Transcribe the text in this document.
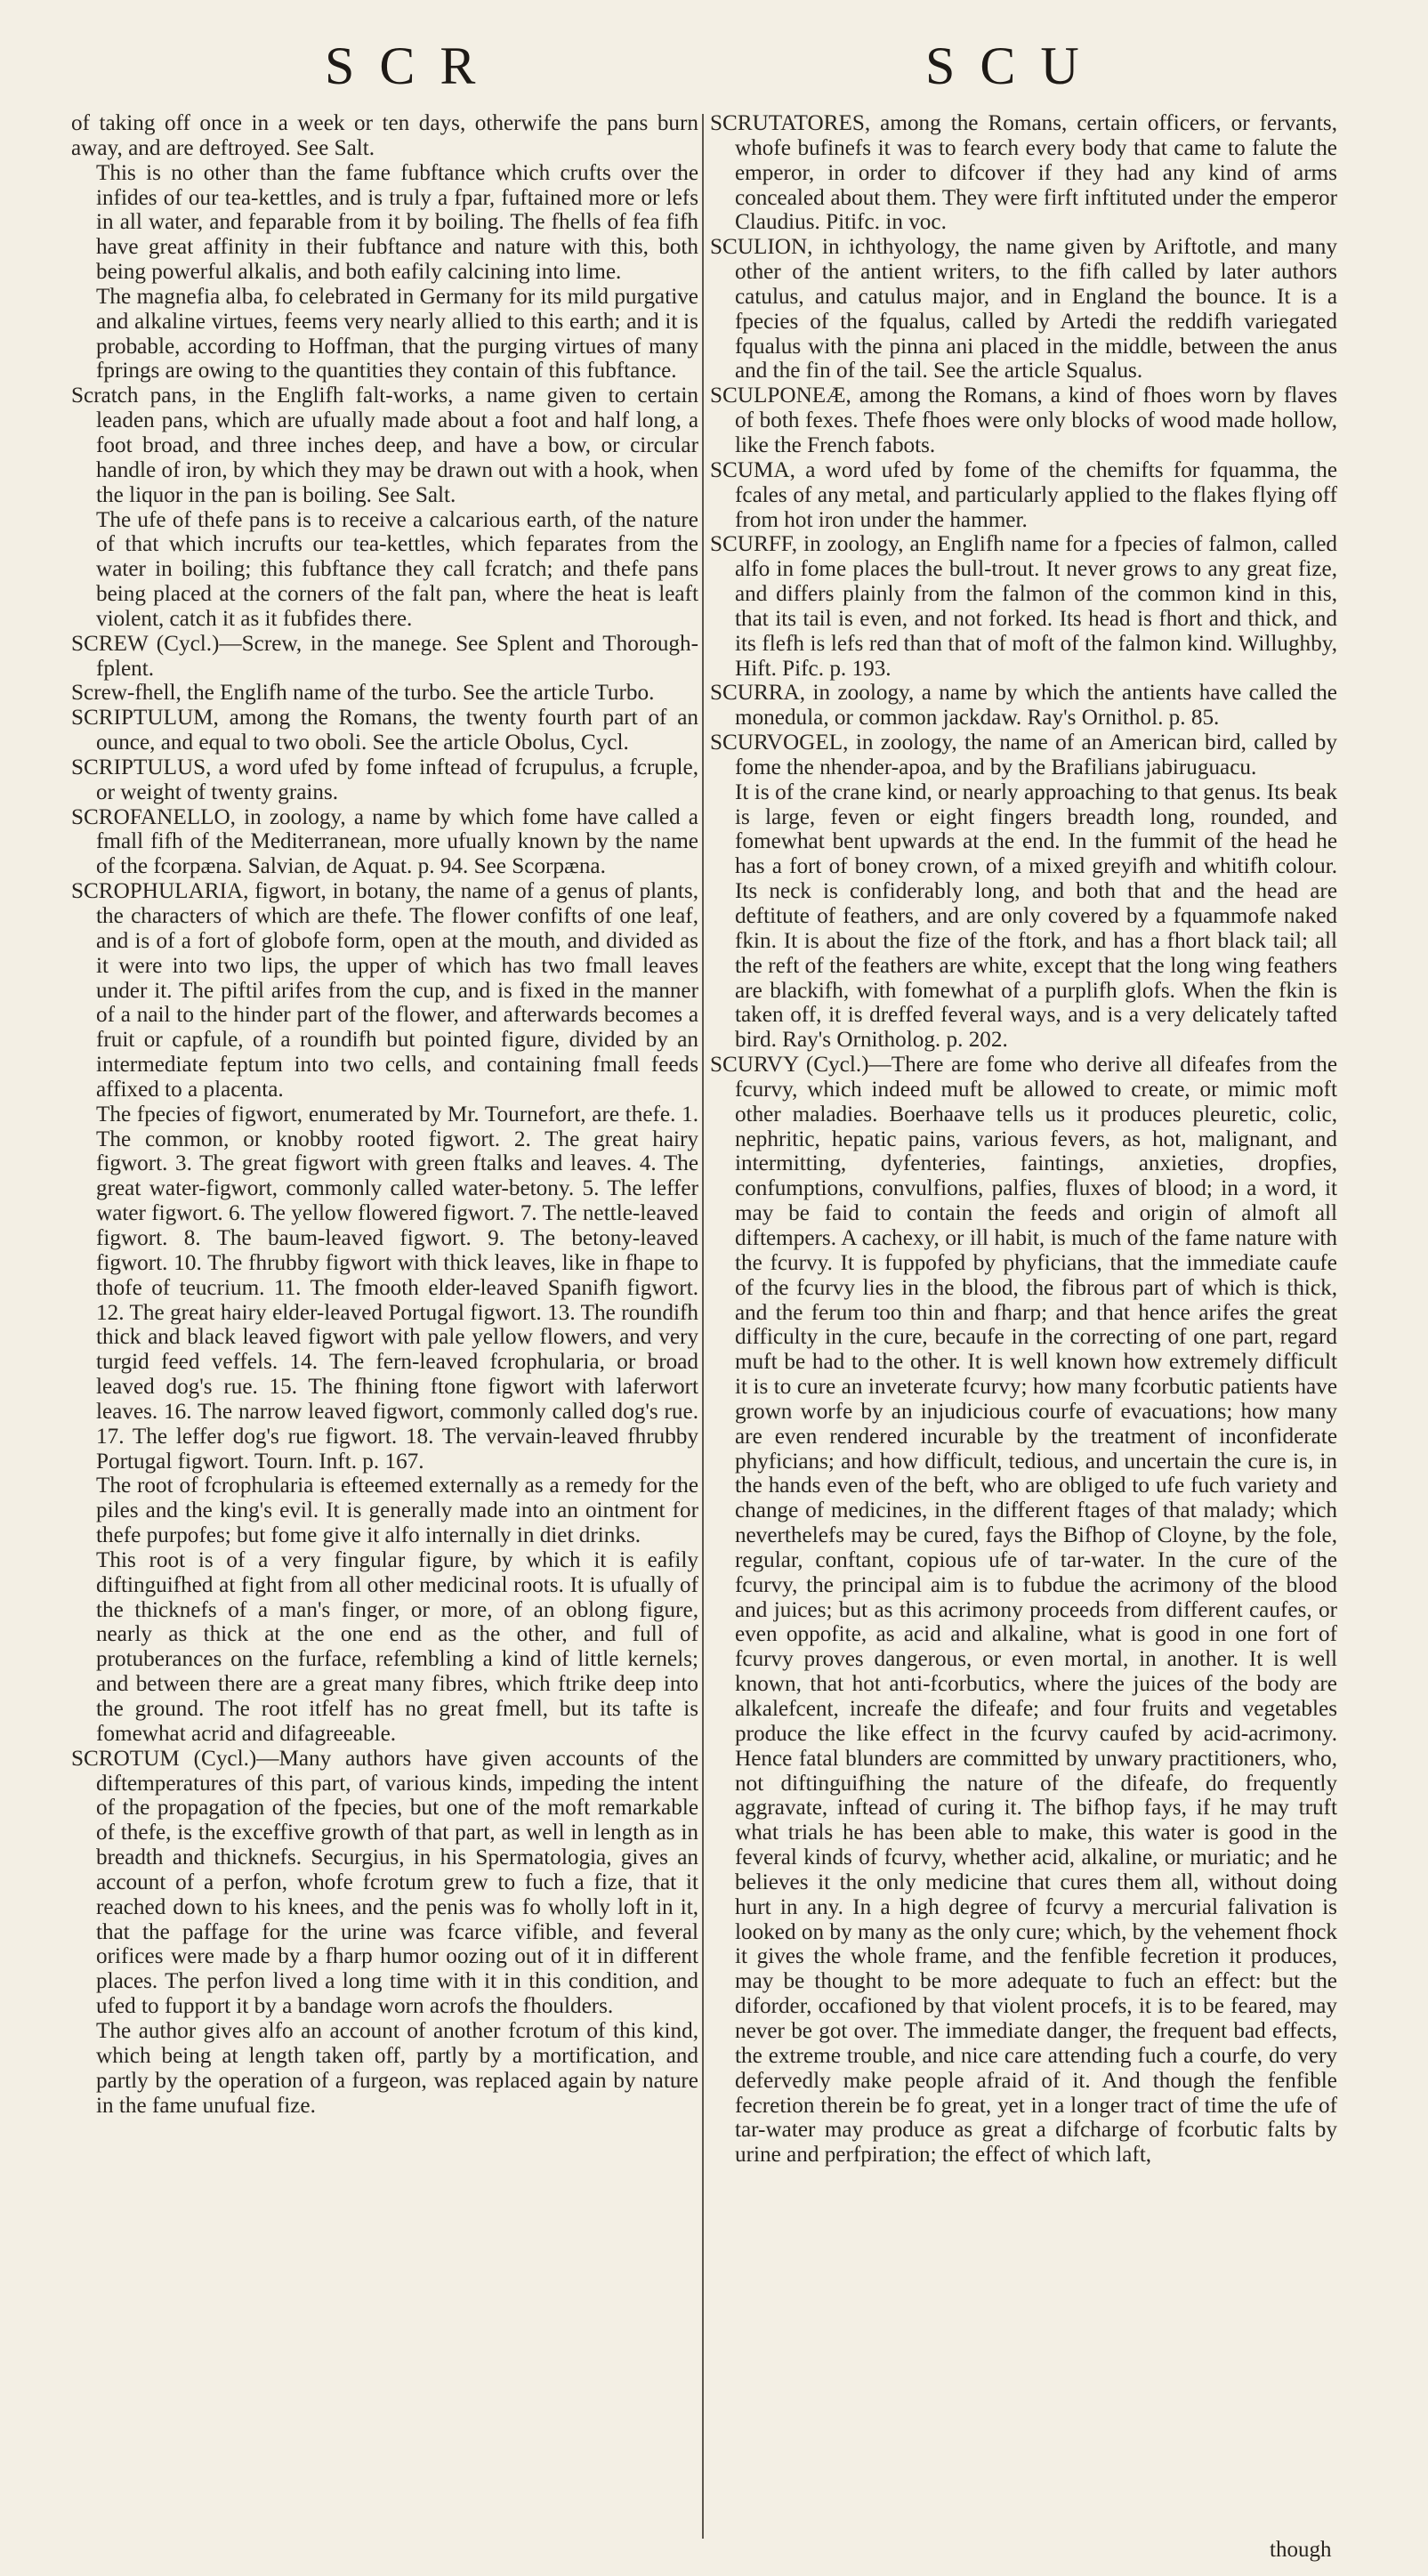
SCR	SCU

of taking off once in a week or ten days, otherwife the pans burn away, and are deftroyed. See Salt.

This is no other than the fame fubftance which crufts over the infides of our tea-kettles, and is truly a fpar, fuftained more or lefs in all water, and feparable from it by boiling. The fhells of fea fifh have great affinity in their fubftance and nature with this, both being powerful alkalis, and both eafily calcining into lime.

The magnefia alba, fo celebrated in Germany for its mild purgative and alkaline virtues, feems very nearly allied to this earth; and it is probable, according to Hoffman, that the purging virtues of many fprings are owing to the quantities they contain of this fubftance.

Scratch pans, in the Englifh falt-works, a name given to certain leaden pans, which are ufually made about a foot and half long, a foot broad, and three inches deep, and have a bow, or circular handle of iron, by which they may be drawn out with a hook, when the liquor in the pan is boiling. See Salt.

The ufe of thefe pans is to receive a calcarious earth, of the nature of that which incrufts our tea-kettles, which feparates from the water in boiling; this fubftance they call fcratch; and thefe pans being placed at the corners of the falt pan, where the heat is leaft violent, catch it as it fubfides there.

SCREW (Cycl.)—Screw, in the manege. See Splent and Thorough-fplent.

Screw-fhell, the Englifh name of the turbo. See the article Turbo.

SCRIPTULUM, among the Romans, the twenty fourth part of an ounce, and equal to two oboli. See the article Obolus, Cycl.

SCRIPTULUS, a word ufed by fome inftead of fcrupulus, a fcruple, or weight of twenty grains.

SCROFANELLO, in zoology, a name by which fome have called a fmall fifh of the Mediterranean, more ufually known by the name of the fcorpæna. Salvian, de Aquat. p. 94. See Scorpæna.

SCROPHULARIA, figwort, in botany, the name of a genus of plants, the characters of which are thefe. The flower confifts of one leaf, and is of a fort of globofe form, open at the mouth, and divided as it were into two lips, the upper of which has two fmall leaves under it. The piftil arifes from the cup, and is fixed in the manner of a nail to the hinder part of the flower, and afterwards becomes a fruit or capfule, of a roundifh but pointed figure, divided by an intermediate feptum into two cells, and containing fmall feeds affixed to a placenta.

The fpecies of figwort, enumerated by Mr. Tournefort, are thefe. 1. The common, or knobby rooted figwort. 2. The great hairy figwort. 3. The great figwort with green ftalks and leaves. 4. The great water-figwort, commonly called water-betony. 5. The leffer water figwort. 6. The yellow flowered figwort. 7. The nettle-leaved figwort. 8. The baum-leaved figwort. 9. The betony-leaved figwort. 10. The fhrubby figwort with thick leaves, like in fhape to thofe of teucrium. 11. The fmooth elder-leaved Spanifh figwort. 12. The great hairy elder-leaved Portugal figwort. 13. The roundifh thick and black leaved figwort with pale yellow flowers, and very turgid feed veffels. 14. The fern-leaved fcrophularia, or broad leaved dog's rue. 15. The fhining ftone figwort with laferwort leaves. 16. The narrow leaved figwort, commonly called dog's rue. 17. The leffer dog's rue figwort. 18. The vervain-leaved fhrubby Portugal figwort. Tourn. Inft. p. 167.

The root of fcrophularia is efteemed externally as a remedy for the piles and the king's evil. It is generally made into an ointment for thefe purpofes; but fome give it alfo internally in diet drinks.

This root is of a very fingular figure, by which it is eafily diftinguifhed at fight from all other medicinal roots. It is ufually of the thicknefs of a man's finger, or more, of an oblong figure, nearly as thick at the one end as the other, and full of protuberances on the furface, refembling a kind of little kernels; and between there are a great many fibres, which ftrike deep into the ground. The root itfelf has no great fmell, but its tafte is fomewhat acrid and difagreeable.

SCROTUM (Cycl.)—Many authors have given accounts of the diftemperatures of this part, of various kinds, impeding the intent of the propagation of the fpecies, but one of the moft remarkable of thefe, is the exceffive growth of that part, as well in length as in breadth and thicknefs. Securgius, in his Spermatologia, gives an account of a perfon, whofe fcrotum grew to fuch a fize, that it reached down to his knees, and the penis was fo wholly loft in it, that the paffage for the urine was fcarce vifible, and feveral orifices were made by a fharp humor oozing out of it in different places. The perfon lived a long time with it in this condition, and ufed to fupport it by a bandage worn acrofs the fhoulders.

The author gives alfo an account of another fcrotum of this kind, which being at length taken off, partly by a mortification, and partly by the operation of a furgeon, was replaced again by nature in the fame unufual fize.

SCRUTATORES, among the Romans, certain officers, or fervants, whofe bufinefs it was to fearch every body that came to falute the emperor, in order to difcover if they had any kind of arms concealed about them. They were firft inftituted under the emperor Claudius. Pitifc. in voc.

SCULION, in ichthyology, the name given by Ariftotle, and many other of the antient writers, to the fifh called by later authors catulus, and catulus major, and in England the bounce. It is a fpecies of the fqualus, called by Artedi the reddifh variegated fqualus with the pinna ani placed in the middle, between the anus and the fin of the tail. See the article Squalus.

SCULPONEÆ, among the Romans, a kind of fhoes worn by flaves of both fexes. Thefe fhoes were only blocks of wood made hollow, like the French fabots.

SCUMA, a word ufed by fome of the chemifts for fquamma, the fcales of any metal, and particularly applied to the flakes flying off from hot iron under the hammer.

SCURFF, in zoology, an Englifh name for a fpecies of falmon, called alfo in fome places the bull-trout. It never grows to any great fize, and differs plainly from the falmon of the common kind in this, that its tail is even, and not forked. Its head is fhort and thick, and its flefh is lefs red than that of moft of the falmon kind. Willughby, Hift. Pifc. p. 193.

SCURRA, in zoology, a name by which the antients have called the monedula, or common jackdaw. Ray's Ornithol. p. 85.

SCURVOGEL, in zoology, the name of an American bird, called by fome the nhender-apoa, and by the Brafilians jabiruguacu.

It is of the crane kind, or nearly approaching to that genus. Its beak is large, feven or eight fingers breadth long, rounded, and fomewhat bent upwards at the end. In the fummit of the head he has a fort of boney crown, of a mixed greyifh and whitifh colour. Its neck is confiderably long, and both that and the head are deftitute of feathers, and are only covered by a fquammofe naked fkin. It is about the fize of the ftork, and has a fhort black tail; all the reft of the feathers are white, except that the long wing feathers are blackifh, with fomewhat of a purplifh glofs. When the fkin is taken off, it is dreffed feveral ways, and is a very delicately tafted bird. Ray's Ornitholog. p. 202.

SCURVY (Cycl.)—There are fome who derive all difeafes from the fcurvy, which indeed muft be allowed to create, or mimic moft other maladies. Boerhaave tells us it produces pleuretic, colic, nephritic, hepatic pains, various fevers, as hot, malignant, and intermitting, dyfenteries, faintings, anxieties, dropfies, confumptions, convulfions, palfies, fluxes of blood; in a word, it may be faid to contain the feeds and origin of almoft all diftempers. A cachexy, or ill habit, is much of the fame nature with the fcurvy. It is fuppofed by phyficians, that the immediate caufe of the fcurvy lies in the blood, the fibrous part of which is thick, and the ferum too thin and fharp; and that hence arifes the great difficulty in the cure, becaufe in the correcting of one part, regard muft be had to the other. It is well known how extremely difficult it is to cure an inveterate fcurvy; how many fcorbutic patients have grown worfe by an injudicious courfe of evacuations; how many are even rendered incurable by the treatment of inconfiderate phyficians; and how difficult, tedious, and uncertain the cure is, in the hands even of the beft, who are obliged to ufe fuch variety and change of medicines, in the different ftages of that malady; which neverthelefs may be cured, fays the Bifhop of Cloyne, by the fole, regular, conftant, copious ufe of tar-water. In the cure of the fcurvy, the principal aim is to fubdue the acrimony of the blood and juices; but as this acrimony proceeds from different caufes, or even oppofite, as acid and alkaline, what is good in one fort of fcurvy proves dangerous, or even mortal, in another. It is well known, that hot anti-fcorbutics, where the juices of the body are alkalefcent, increafe the difeafe; and four fruits and vegetables produce the like effect in the fcurvy caufed by acid-acrimony. Hence fatal blunders are committed by unwary practitioners, who, not diftinguifhing the nature of the difeafe, do frequently aggravate, inftead of curing it. The bifhop fays, if he may truft what trials he has been able to make, this water is good in the feveral kinds of fcurvy, whether acid, alkaline, or muriatic; and he believes it the only medicine that cures them all, without doing hurt in any. In a high degree of fcurvy a mercurial falivation is looked on by many as the only cure; which, by the vehement fhock it gives the whole frame, and the fenfible fecretion it produces, may be thought to be more adequate to fuch an effect: but the diforder, occafioned by that violent procefs, it is to be feared, may never be got over. The immediate danger, the frequent bad effects, the extreme trouble, and nice care attending fuch a courfe, do very defervedly make people afraid of it. And though the fenfible fecretion therein be fo great, yet in a longer tract of time the ufe of tar-water may produce as great a difcharge of fcorbutic falts by urine and perfpiration; the effect of which laft,

though
